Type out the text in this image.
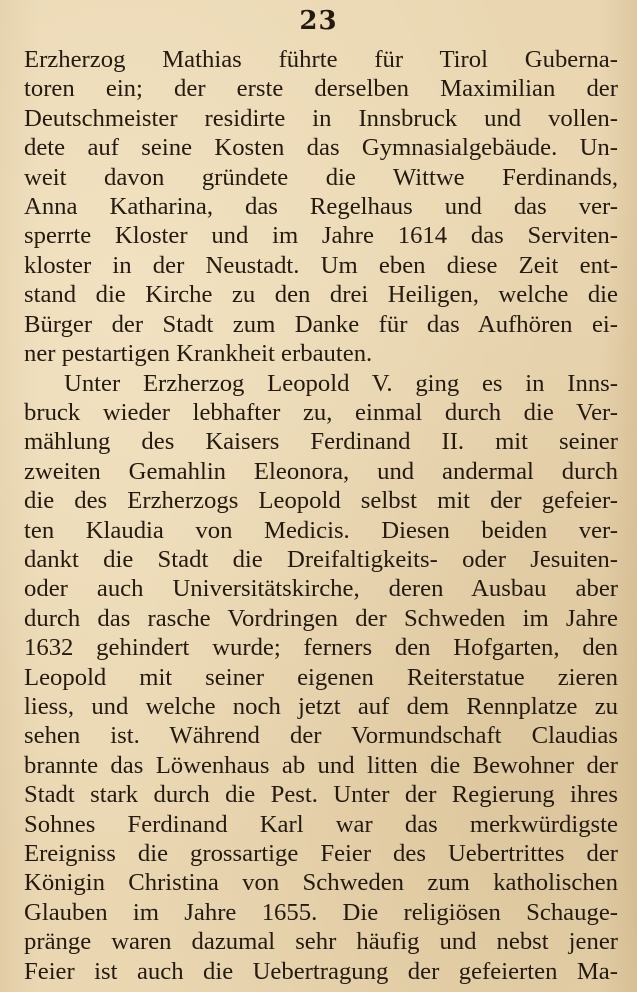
23
Erzherzog Mathias führte für Tirol Guberna-
toren ein; der erste derselben Maximilian der
Deutschmeister residirte in Innsbruck und vollen-
dete auf seine Kosten das Gymnasialgebäude. Un-
weit davon gründete die Wittwe Ferdinands,
Anna Katharina, das Regelhaus und das ver-
sperrte Kloster und im Jahre 1614 das Serviten-
kloster in der Neustadt. Um eben diese Zeit ent-
stand die Kirche zu den drei Heiligen, welche die
Bürger der Stadt zum Danke für das Aufhören ei-
ner pestartigen Krankheit erbauten.
Unter Erzherzog Leopold V. ging es in Inns-
bruck wieder lebhafter zu, einmal durch die Ver-
mählung des Kaisers Ferdinand II. mit seiner
zweiten Gemahlin Eleonora, und andermal durch
die des Erzherzogs Leopold selbst mit der gefeier-
ten Klaudia von Medicis. Diesen beiden ver-
dankt die Stadt die Dreifaltigkeits- oder Jesuiten-
oder auch Universitätskirche, deren Ausbau aber
durch das rasche Vordringen der Schweden im Jahre
1632 gehindert wurde; ferners den Hofgarten, den
Leopold mit seiner eigenen Reiterstatue zieren
liess, und welche noch jetzt auf dem Rennplatze zu
sehen ist. Während der Vormundschaft Claudias
brannte das Löwenhaus ab und litten die Bewohner der
Stadt stark durch die Pest. Unter der Regierung ihres
Sohnes Ferdinand Karl war das merkwürdigste
Ereigniss die grossartige Feier des Uebertrittes der
Königin Christina von Schweden zum katholischen
Glauben im Jahre 1655. Die religiösen Schauge-
pränge waren dazumal sehr häufig und nebst jener
Feier ist auch die Uebertragung der gefeierten Ma-
